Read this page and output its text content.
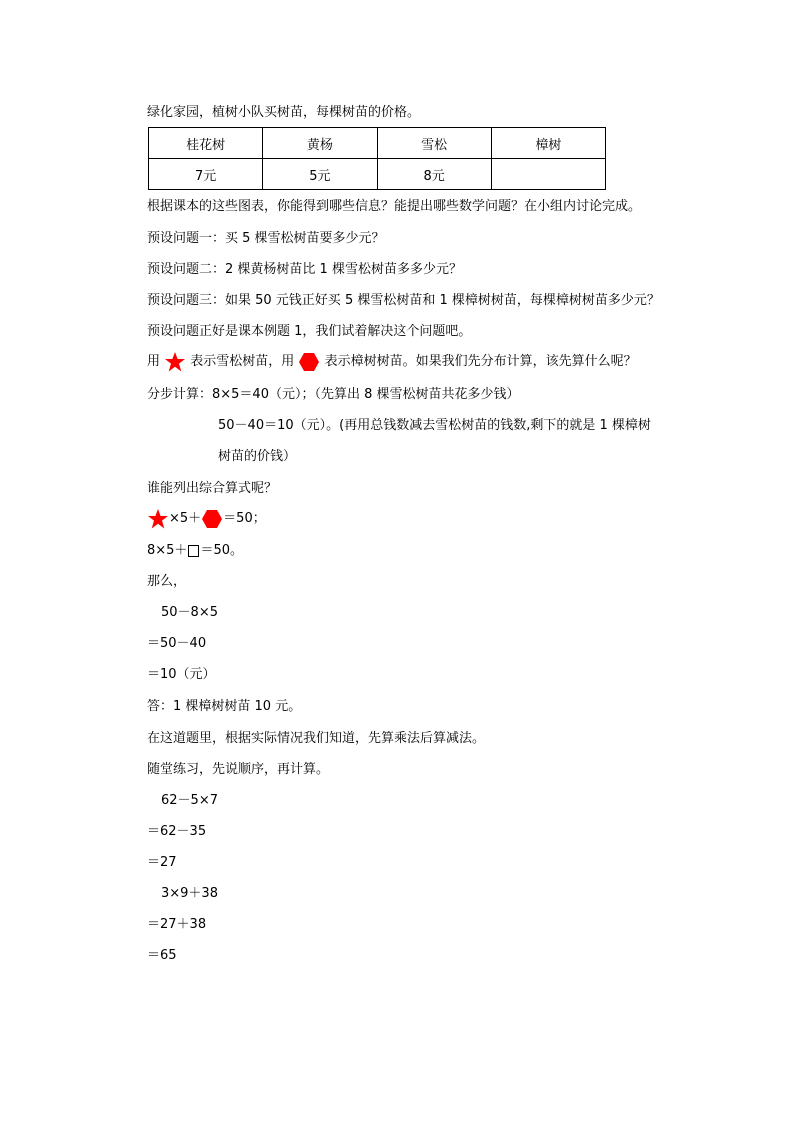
绿化家园，植树小队买树苗，每棵树苗的价格。
桂花树	黄杨	雪松	樟树
7元	5元	8元	
根据课本的这些图表，你能得到哪些信息？能提出哪些数学问题？在小组内讨论完成。
预设问题一：买 5 棵雪松树苗要多少元？
预设问题二：2 棵黄杨树苗比 1 棵雪松树苗多多少元？
预设问题三：如果 50 元钱正好买 5 棵雪松树苗和 1 棵樟树树苗，每棵樟树树苗多少元？
预设问题正好是课本例题 1，我们试着解决这个问题吧。
用 表示雪松树苗，用 表示樟树树苗。如果我们先分布计算，该先算什么呢？
分步计算：8×5＝40（元）；（先算出 8 棵雪松树苗共花多少钱）
50－40＝10（元）。(再用总钱数减去雪松树苗的钱数,剩下的就是 1 棵樟树
树苗的价钱）
谁能列出综合算式呢？
×5＋ ＝50；
8×5＋ ＝50。
那么，
50－8×5
＝50－40
＝10（元）
答：1 棵樟树树苗 10 元。
在这道题里，根据实际情况我们知道，先算乘法后算减法。
随堂练习，先说顺序，再计算。
62－5×7
＝62－35
＝27
3×9＋38
＝27＋38
＝65
